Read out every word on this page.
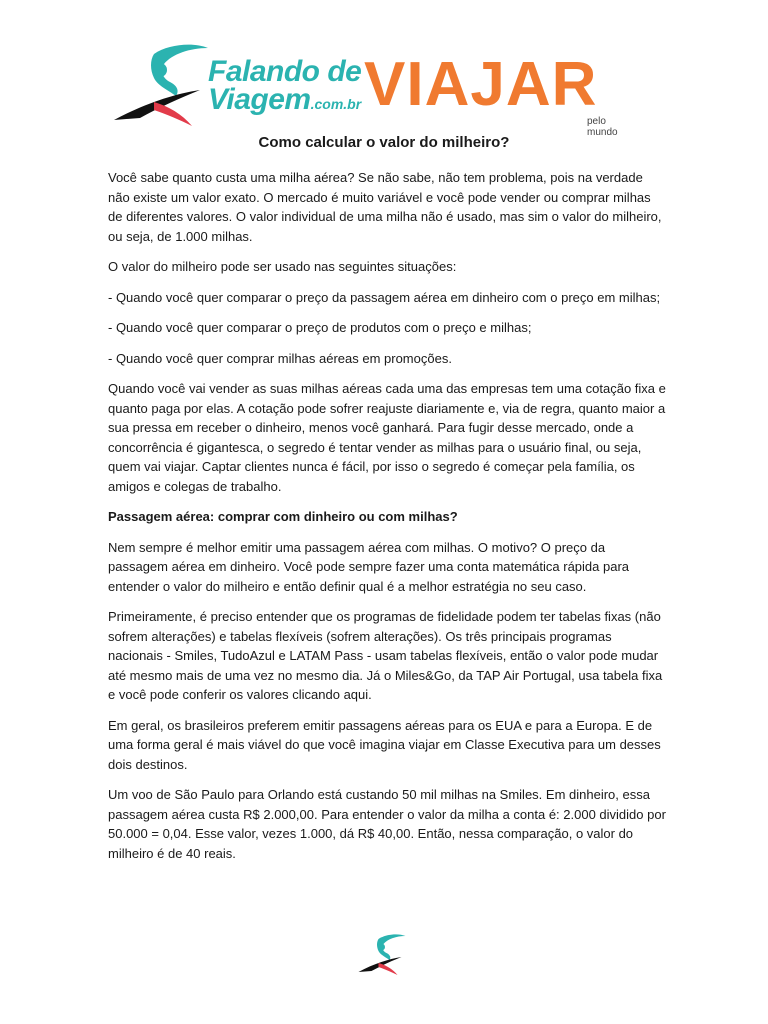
Falando de
Viagem.com.br VIAJAR
pelo mundo
Como calcular o valor do milheiro?

Você sabe quanto custa uma milha aérea? Se não sabe, não tem problema, pois na verdade não existe um valor exato. O mercado é muito variável e você pode vender ou comprar milhas de diferentes valores. O valor individual de uma milha não é usado, mas sim o valor do milheiro, ou seja, de 1.000 milhas.

O valor do milheiro pode ser usado nas seguintes situações:

- Quando você quer comparar o preço da passagem aérea em dinheiro com o preço em milhas;

- Quando você quer comparar o preço de produtos com o preço e milhas;

- Quando você quer comprar milhas aéreas em promoções.

Quando você vai vender as suas milhas aéreas cada uma das empresas tem uma cotação fixa e quanto paga por elas. A cotação pode sofrer reajuste diariamente e, via de regra, quanto maior a sua pressa em receber o dinheiro, menos você ganhará. Para fugir desse mercado, onde a concorrência é gigantesca, o segredo é tentar vender as milhas para o usuário final, ou seja, quem vai viajar. Captar clientes nunca é fácil, por isso o segredo é começar pela família, os amigos e colegas de trabalho.

Passagem aérea: comprar com dinheiro ou com milhas?

Nem sempre é melhor emitir uma passagem aérea com milhas. O motivo? O preço da passagem aérea em dinheiro. Você pode sempre fazer uma conta matemática rápida para entender o valor do milheiro e então definir qual é a melhor estratégia no seu caso.

Primeiramente, é preciso entender que os programas de fidelidade podem ter tabelas fixas (não sofrem alterações) e tabelas flexíveis (sofrem alterações). Os três principais programas nacionais - Smiles, TudoAzul e LATAM Pass - usam tabelas flexíveis, então o valor pode mudar até mesmo mais de uma vez no mesmo dia. Já o Miles&Go, da TAP Air Portugal, usa tabela fixa e você pode conferir os valores clicando aqui.

Em geral, os brasileiros preferem emitir passagens aéreas para os EUA e para a Europa. E de uma forma geral é mais viável do que você imagina viajar em Classe Executiva para um desses dois destinos.

Um voo de São Paulo para Orlando está custando 50 mil milhas na Smiles. Em dinheiro, essa passagem aérea custa R$ 2.000,00. Para entender o valor da milha a conta é: 2.000 dividido por 50.000 = 0,04. Esse valor, vezes 1.000, dá R$ 40,00. Então, nessa comparação, o valor do milheiro é de 40 reais.
